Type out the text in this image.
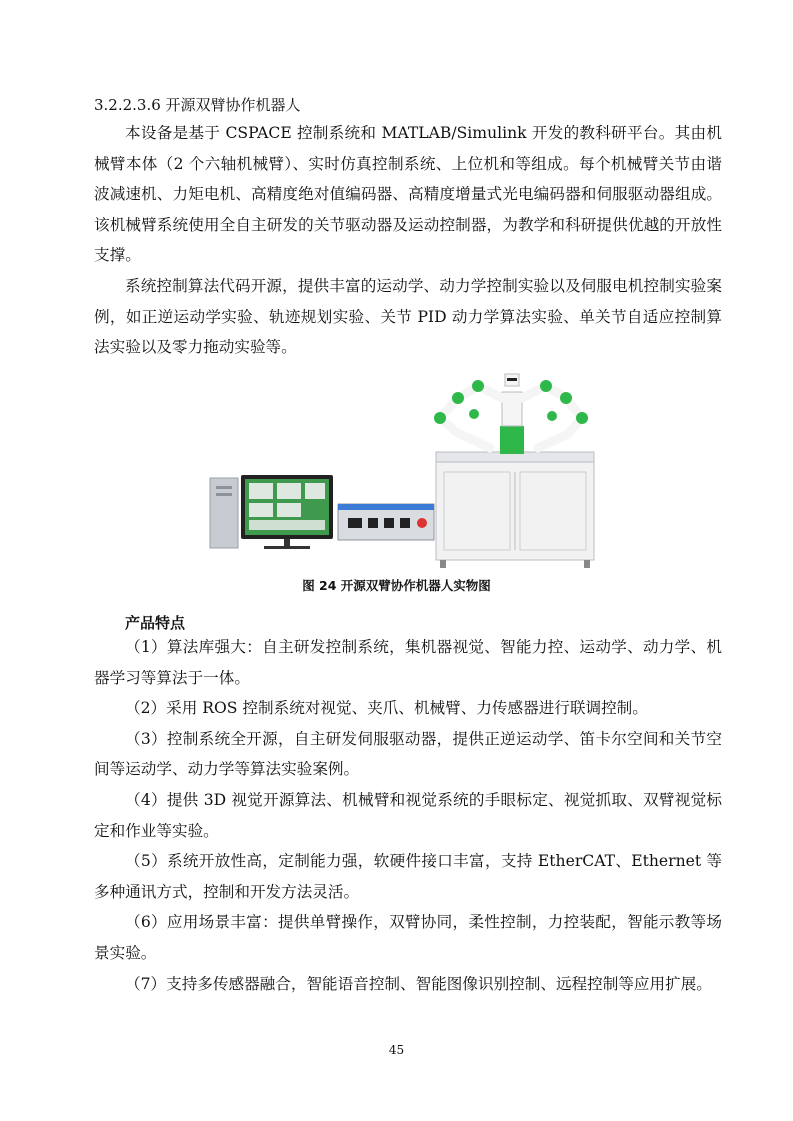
3.2.2.3.6 开源双臂协作机器人

本设备是基于 CSPACE 控制系统和 MATLAB/Simulink 开发的教科研平台。其由机械臂本体（2 个六轴机械臂）、实时仿真控制系统、上位机和等组成。每个机械臂关节由谐波减速机、力矩电机、高精度绝对值编码器、高精度增量式光电编码器和伺服驱动器组成。该机械臂系统使用全自主研发的关节驱动器及运动控制器，为教学和科研提供优越的开放性支撑。

系统控制算法代码开源，提供丰富的运动学、动力学控制实验以及伺服电机控制实验案例，如正逆运动学实验、轨迹规划实验、关节 PID 动力学算法实验、单关节自适应控制算法实验以及零力拖动实验等。

图 24 开源双臂协作机器人实物图
产品特点

（1）算法库强大：自主研发控制系统，集机器视觉、智能力控、运动学、动力学、机器学习等算法于一体。

（2）采用 ROS 控制系统对视觉、夹爪、机械臂、力传感器进行联调控制。

（3）控制系统全开源，自主研发伺服驱动器，提供正逆运动学、笛卡尔空间和关节空间等运动学、动力学等算法实验案例。

（4）提供 3D 视觉开源算法、机械臂和视觉系统的手眼标定、视觉抓取、双臂视觉标定和作业等实验。

（5）系统开放性高，定制能力强，软硬件接口丰富，支持 EtherCAT、Ethernet 等多种通讯方式，控制和开发方法灵活。

（6）应用场景丰富：提供单臂操作，双臂协同，柔性控制，力控装配，智能示教等场景实验。

（7）支持多传感器融合，智能语音控制、智能图像识别控制、远程控制等应用扩展。

45
